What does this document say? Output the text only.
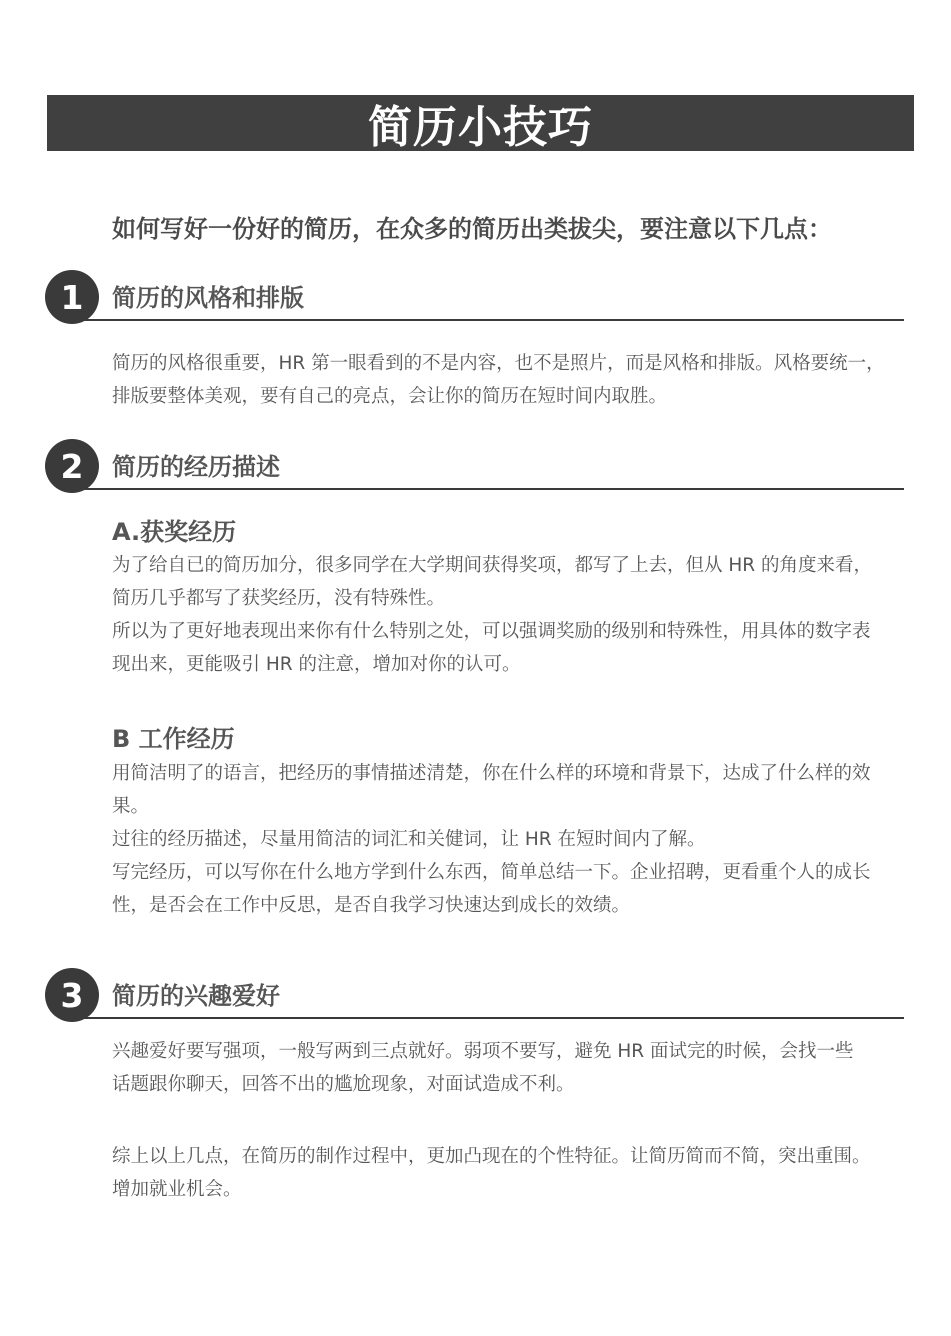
简历小技巧
如何写好一份好的简历，在众多的简历出类拔尖，要注意以下几点：
1	简历的风格和排版

简历的风格很重要，HR 第一眼看到的不是内容，也不是照片，而是风格和排版。风格要统一，

排版要整体美观，要有自己的亮点，会让你的简历在短时间内取胜。

2	简历的经历描述
A.获奖经历

为了给自已的简历加分，很多同学在大学期间获得奖项，都写了上去，但从 HR 的角度来看，

简历几乎都写了获奖经历，没有特殊性。

所以为了更好地表现出来你有什么特别之处，可以强调奖励的级别和特殊性，用具体的数字表

现出来，更能吸引 HR 的注意，增加对你的认可。

B 工作经历

用简洁明了的语言，把经历的事情描述清楚，你在什么样的环境和背景下，达成了什么样的效

果。

过往的经历描述，尽量用简洁的词汇和关健词，让 HR 在短时间内了解。

写完经历，可以写你在什么地方学到什么东西，简单总结一下。企业招聘，更看重个人的成长

性，是否会在工作中反思，是否自我学习快速达到成长的效绩。

3	简历的兴趣爱好

兴趣爱好要写强项，一般写两到三点就好。弱项不要写，避免 HR 面试完的时候，会找一些

话题跟你聊天，回答不出的尴尬现象，对面试造成不利。

综上以上几点，在简历的制作过程中，更加凸现在的个性特征。让简历简而不简，突出重围。

增加就业机会。
